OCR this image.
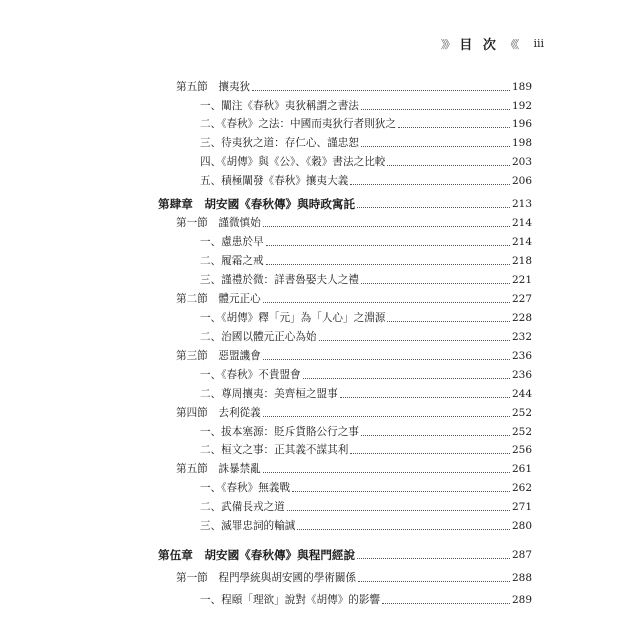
》》 目 次 《《 iii
第五節　攘夷狄	189
一、闡注《春秋》夷狄稱謂之書法	192
二、《春秋》之法：中國而夷狄行者則狄之	196
三、待夷狄之道：存仁心、謹忠恕	198
四、《胡傳》與《公》、《穀》書法之比較	203
五、積極闡發《春秋》攘夷大義	206
第肆章　胡安國《春秋傳》與時政寓託	213
第一節　謹微慎始	214
一、慮患於早	214
二、履霜之戒	218
三、謹禮於微：詳書魯娶夫人之禮	221
第二節　體元正心	227
一、《胡傳》釋「元」為「人心」之淵源	228
二、治國以體元正心為始	232
第三節　惡盟譏會	236
一、《春秋》不貴盟會	236
二、尊周攘夷：美齊桓之盟事	244
第四節　去利從義	252
一、拔本塞源：貶斥貨賂公行之事	252
二、桓文之事：正其義不謀其利	256
第五節　誅暴禁亂	261
一、《春秋》無義戰	262
二、武備長戎之道	271
三、滅罪忠詞的輸誠	280
第伍章　胡安國《春秋傳》與程門經說	287
第一節　程門學統與胡安國的學術關係	288
一、程頤「理欲」說對《胡傳》的影響	289
